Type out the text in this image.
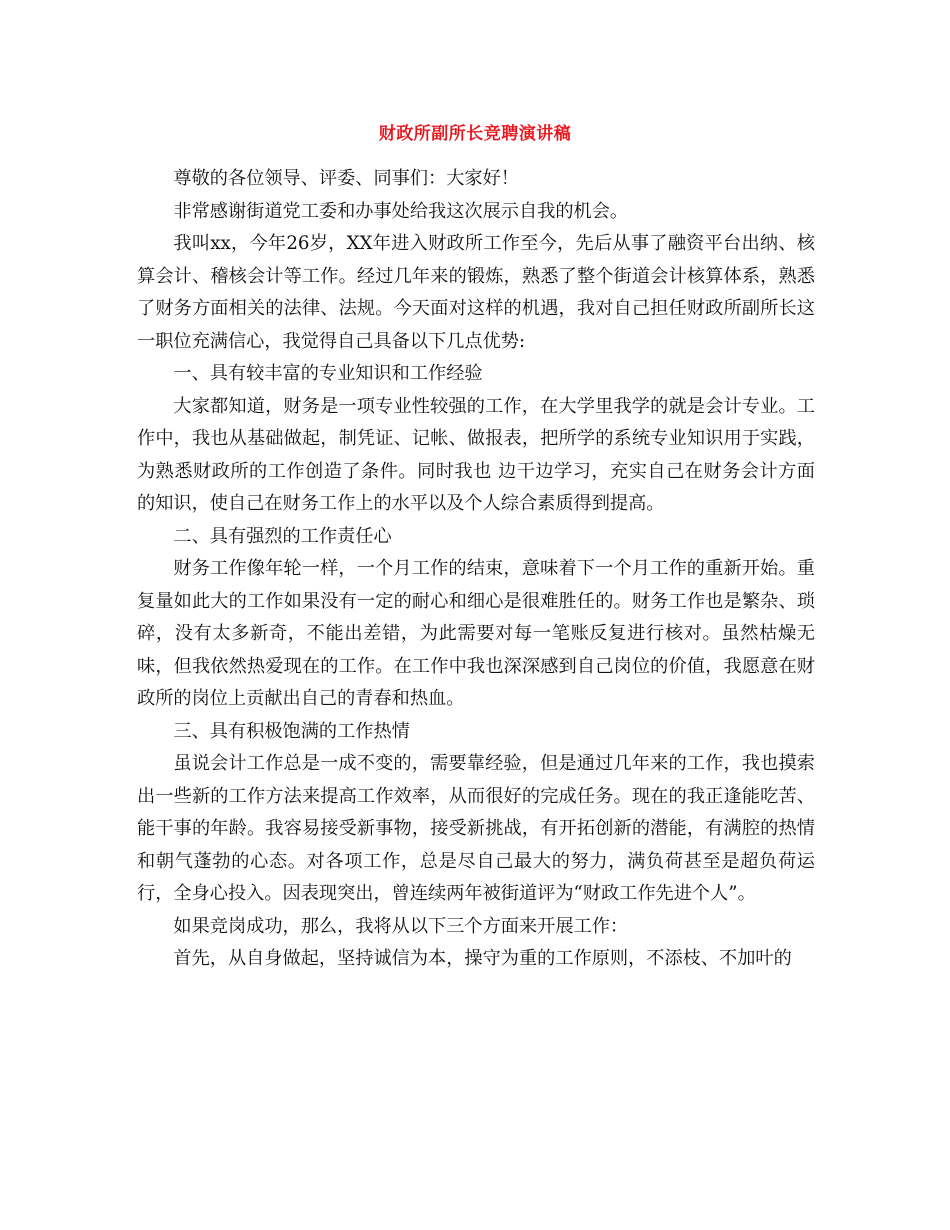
财政所副所长竞聘演讲稿

尊敬的各位领导、评委、同事们：大家好！

非常感谢街道党工委和办事处给我这次展示自我的机会。

我叫xx，今年26岁，XX年进入财政所工作至今，先后从事了融资平台出纳、核算会计、稽核会计等工作。经过几年来的锻炼，熟悉了整个街道会计核算体系，熟悉了财务方面相关的法律、法规。今天面对这样的机遇，我对自己担任财政所副所长这一职位充满信心，我觉得自己具备以下几点优势:

一、具有较丰富的专业知识和工作经验

大家都知道，财务是一项专业性较强的工作，在大学里我学的就是会计专业。工作中，我也从基础做起，制凭证、记帐、做报表，把所学的系统专业知识用于实践，为熟悉财政所的工作创造了条件。同时我也 边干边学习，充实自己在财务会计方面的知识，使自己在财务工作上的水平以及个人综合素质得到提高。

二、具有强烈的工作责任心

财务工作像年轮一样，一个月工作的结束，意味着下一个月工作的重新开始。重复量如此大的工作如果没有一定的耐心和细心是很难胜任的。财务工作也是繁杂、琐碎，没有太多新奇，不能出差错，为此需要对每一笔账反复进行核对。虽然枯燥无味，但我依然热爱现在的工作。在工作中我也深深感到自己岗位的价值，我愿意在财政所的岗位上贡献出自己的青春和热血。

三、具有积极饱满的工作热情

虽说会计工作总是一成不变的，需要靠经验，但是通过几年来的工作，我也摸索出一些新的工作方法来提高工作效率，从而很好的完成任务。现在的我正逢能吃苦、能干事的年龄。我容易接受新事物，接受新挑战，有开拓创新的潜能，有满腔的热情和朝气蓬勃的心态。对各项工作，总是尽自己最大的努力，满负荷甚至是超负荷运行，全身心投入。因表现突出，曾连续两年被街道评为“财政工作先进个人”。

如果竞岗成功，那么，我将从以下三个方面来开展工作：

首先，从自身做起，坚持诚信为本，操守为重的工作原则，不添枝、不加叶的
